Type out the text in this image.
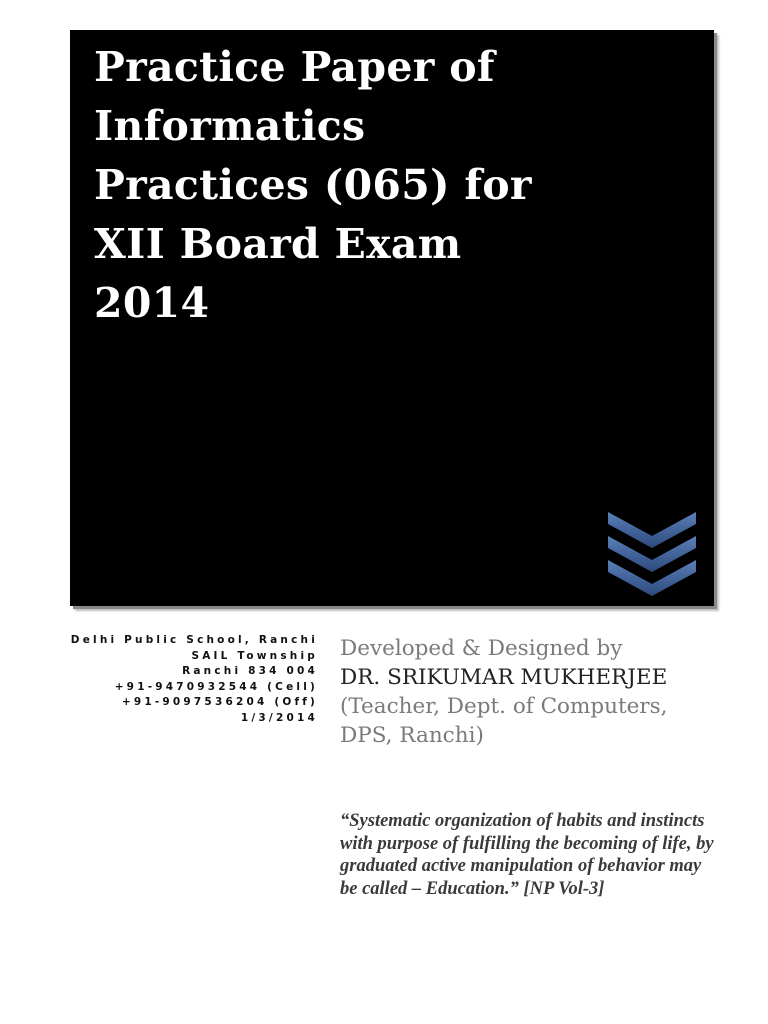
Practice Paper of
Informatics
Practices (065) for
XII Board Exam
2014
Delhi Public School, Ranchi
SAIL Township
Ranchi 834 004
+91-9470932544 (Cell)
+91-9097536204 (Off)
1/3/2014
Developed & Designed by
DR. SRIKUMAR MUKHERJEE
(Teacher, Dept. of Computers,
DPS, Ranchi)

“Systematic organization of habits and instincts with purpose of fulfilling the becoming of life, by graduated active manipulation of behavior may be called – Education.” [NP Vol-3]
